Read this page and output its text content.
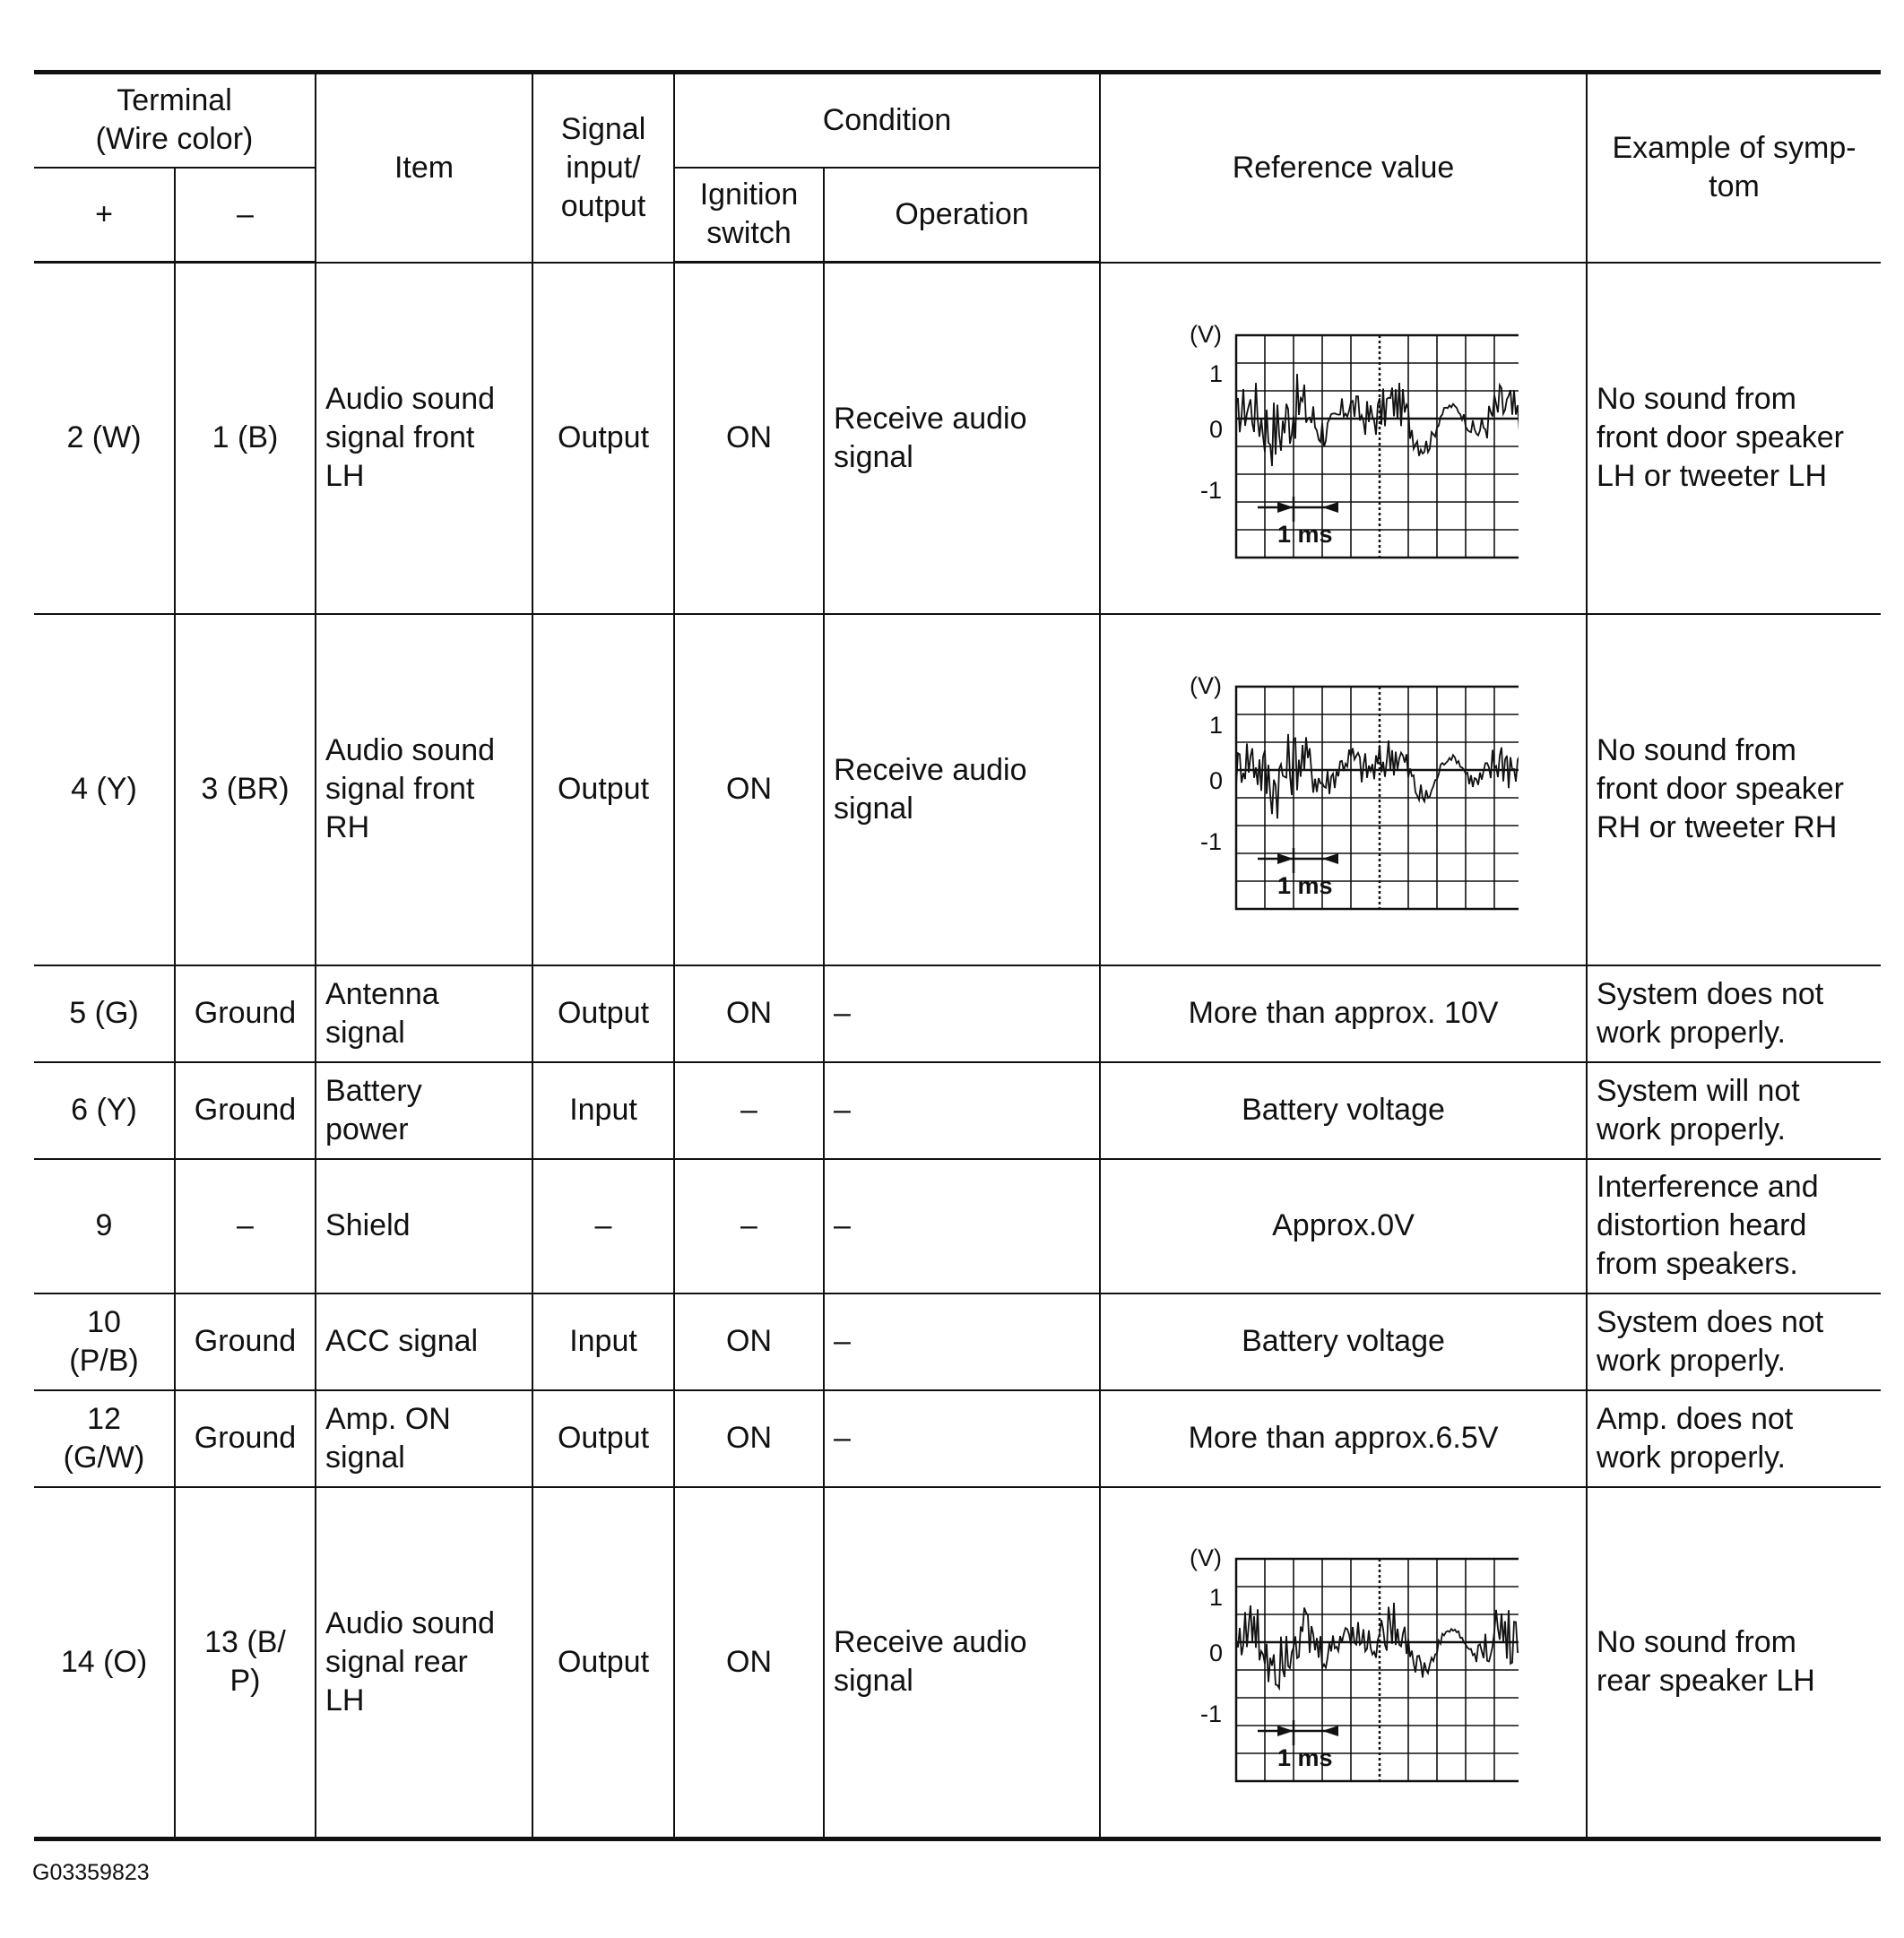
Terminal
(Wire color)		Item	Signal
input/
output	Condition		Reference value	Example of symp-
tom
+	–			Ignition
switch	Operation		
2 (W)	1 (B)	Audio sound
signal front
LH	Output	ON	Receive audio
signal	(V)
1
0
-1
1 ms	No sound from
front door speaker
LH or tweeter LH
4 (Y)	3 (BR)	Audio sound
signal front
RH	Output	ON	Receive audio
signal	(V)
1
0
-1
1 ms	No sound from
front door speaker
RH or tweeter RH
5 (G)	Ground	Antenna
signal	Output	ON	–	More than approx. 10V	System does not
work properly.
6 (Y)	Ground	Battery
power	Input	–	–	Battery voltage	System will not
work properly.
9	–	Shield	–	–	–	Approx.0V	Interference and
distortion heard
from speakers.
10
(P/B)	Ground	ACC signal	Input	ON	–	Battery voltage	System does not
work properly.
12
(G/W)	Ground	Amp. ON
signal	Output	ON	–	More than approx.6.5V	Amp. does not
work properly.
14 (O)	13 (B/
P)	Audio sound
signal rear
LH	Output	ON	Receive audio
signal	(V)
1
0
-1
1 ms	No sound from
rear speaker LH
G03359823
